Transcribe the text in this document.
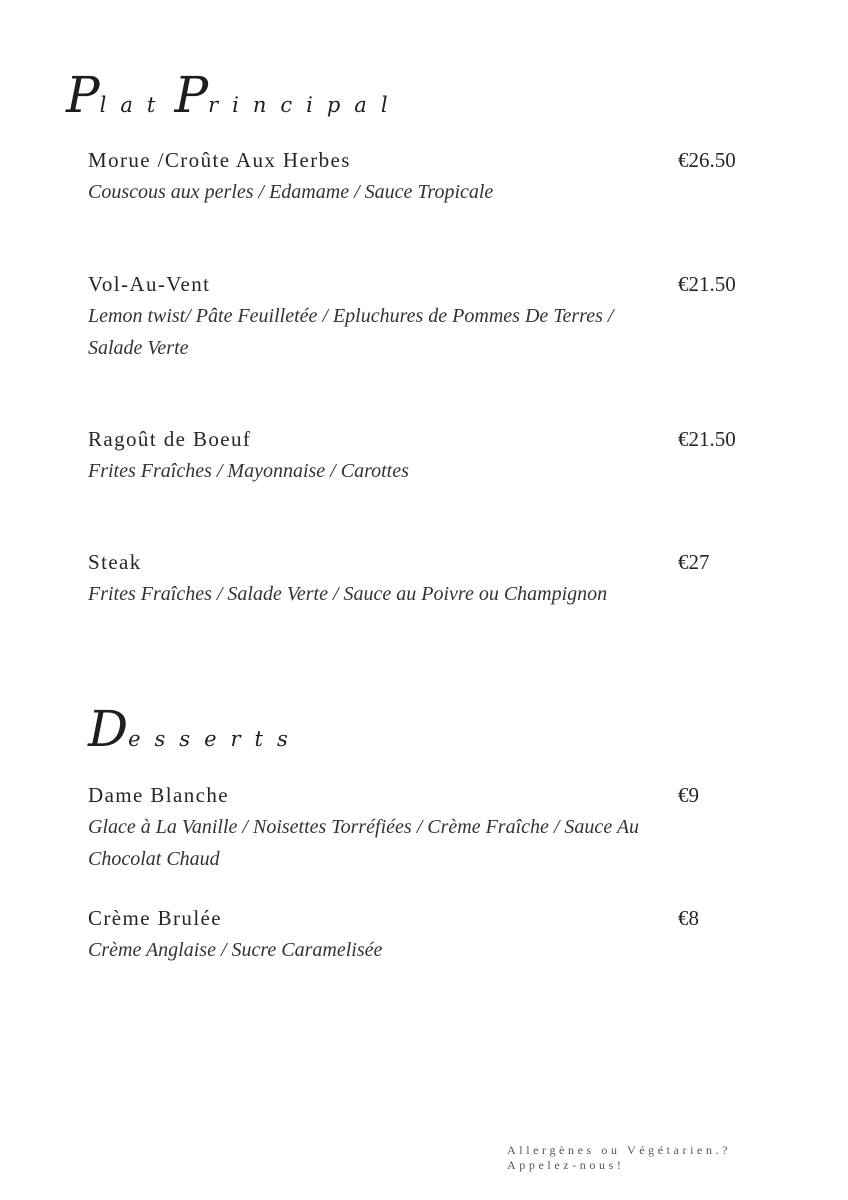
Plat Principal

Morue /Croûte Aux Herbes

Couscous aux perles / Edamame / Sauce Tropicale
€26.50

Vol-Au-Vent

Lemon twist/ Pâte Feuilletée / Epluchures de Pommes De Terres / Salade Verte
€21.50

Ragoût de Boeuf

Frites Fraîches / Mayonnaise / Carottes
€21.50

Steak

Frites Fraîches / Salade Verte / Sauce au Poivre ou Champignon
€27
Desserts

Dame Blanche

Glace à La Vanille / Noisettes Torréfiées / Crème Fraîche / Sauce Au Chocolat Chaud
€9

Crème Brulée

Crème Anglaise / Sucre Caramelisée
€8
Allergènes ou Végétarien.?
Appelez-nous!
